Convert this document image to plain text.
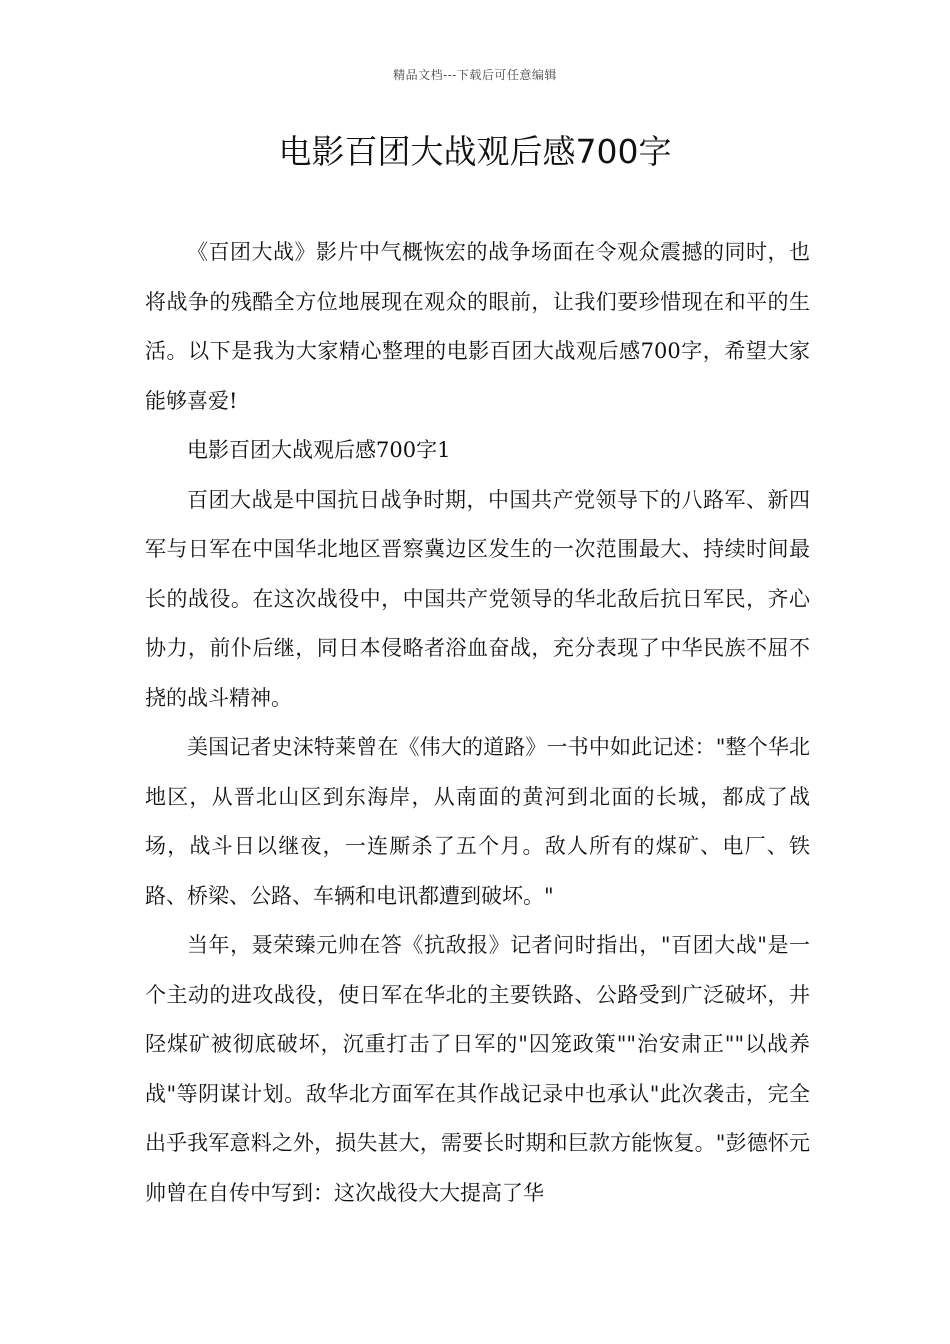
精品文档---下载后可任意编辑
电影百团大战观后感700字

《百团大战》影片中气概恢宏的战争场面在令观众震撼的同时，也将战争的残酷全方位地展现在观众的眼前，让我们要珍惜现在和平的生活。以下是我为大家精心整理的电影百团大战观后感700字，希望大家能够喜爱!

电影百团大战观后感700字1

百团大战是中国抗日战争时期，中国共产党领导下的八路军、新四军与日军在中国华北地区晋察冀边区发生的一次范围最大、持续时间最长的战役。在这次战役中，中国共产党领导的华北敌后抗日军民，齐心协力，前仆后继，同日本侵略者浴血奋战，充分表现了中华民族不屈不挠的战斗精神。

美国记者史沫特莱曾在《伟大的道路》一书中如此记述："整个华北地区，从晋北山区到东海岸，从南面的黄河到北面的长城，都成了战场，战斗日以继夜，一连厮杀了五个月。敌人所有的煤矿、电厂、铁路、桥梁、公路、车辆和电讯都遭到破坏。"

当年，聂荣臻元帅在答《抗敌报》记者问时指出，"百团大战"是一个主动的进攻战役，使日军在华北的主要铁路、公路受到广泛破坏，井陉煤矿被彻底破坏，沉重打击了日军的"囚笼政策""治安肃正""以战养战"等阴谋计划。敌华北方面军在其作战记录中也承认"此次袭击，完全出乎我军意料之外，损失甚大，需要长时期和巨款方能恢复。"彭德怀元帅曾在自传中写到：这次战役大大提高了华
